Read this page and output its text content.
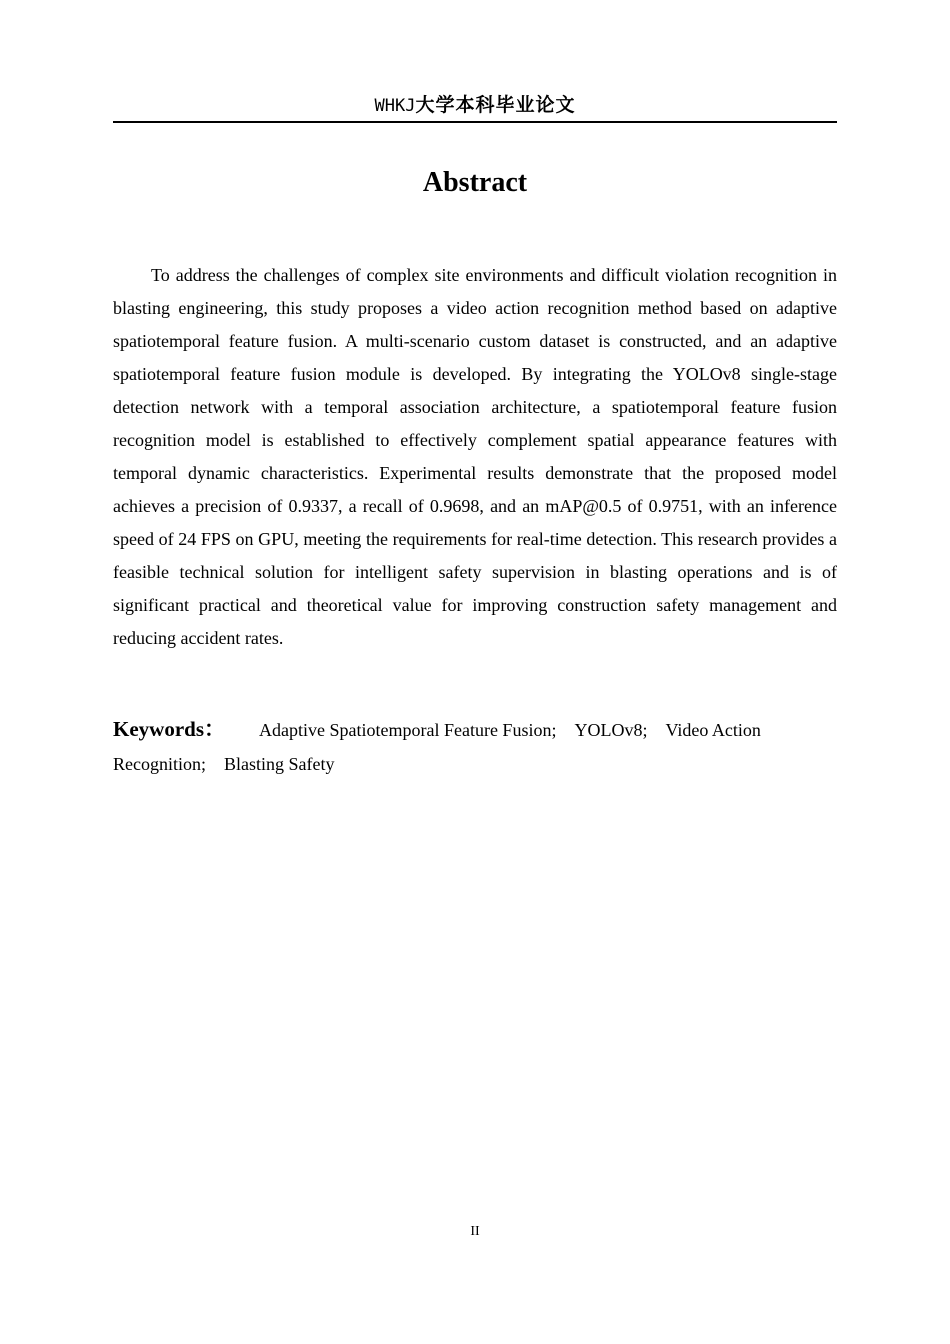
WHKJ大学本科毕业论文
Abstract

To address the challenges of complex site environments and difficult violation recognition in blasting engineering, this study proposes a video action recognition method based on adaptive spatiotemporal feature fusion. A multi-scenario custom dataset is constructed, and an adaptive spatiotemporal feature fusion module is developed. By integrating the YOLOv8 single-stage detection network with a temporal association architecture, a spatiotemporal feature fusion recognition model is established to effectively complement spatial appearance features with temporal dynamic characteristics. Experimental results demonstrate that the proposed model achieves a precision of 0.9337, a recall of 0.9698, and an mAP@0.5 of 0.9751, with an inference speed of 24 FPS on GPU, meeting the requirements for real-time detection. This research provides a feasible technical solution for intelligent safety supervision in blasting operations and is of significant practical and theoretical value for improving construction safety management and reducing accident rates.

Keywords： Adaptive Spatiotemporal Feature Fusion; YOLOv8; Video Action Recognition; Blasting Safety

II
